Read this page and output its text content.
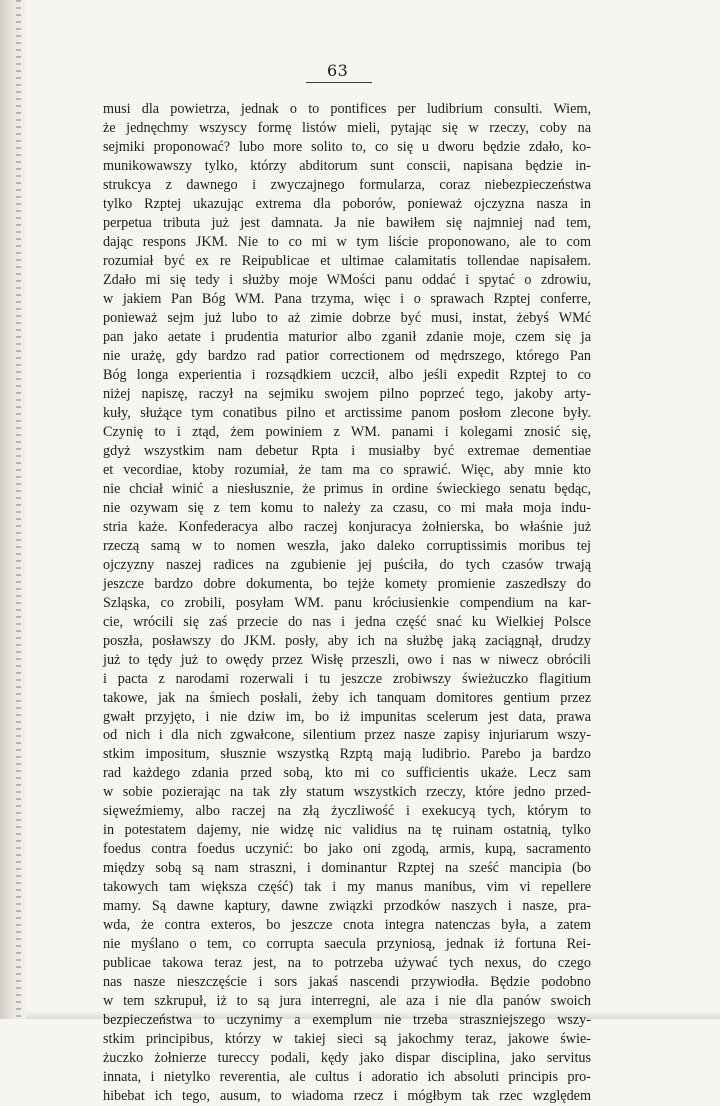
63
musi dla powietrza, jednak o to pontifices per ludibrium consulti. Wiem,
że jednęchmy wszyscy formę listów mieli, pytając się w rzeczy, coby na
sejmiki proponować? lubo more solito to, co się u dworu będzie zdało, ko-
munikowawszy tylko, którzy abditorum sunt conscii, napisana będzie in-
strukcya z dawnego i zwyczajnego formularza, coraz niebezpieczeństwa
tylko Rzptej ukazując extrema dla poborów, ponieważ ojczyzna nasza in
perpetua tributa już jest damnata. Ja nie bawiłem się najmniej nad tem,
dając respons JKM. Nie to co mi w tym liście proponowano, ale to com
rozumiał być ex re Reipublicae et ultimae calamitatis tollendae napisałem.
Zdało mi się tedy i służby moje WMości panu oddać i spytać o zdrowiu,
w jakiem Pan Bóg WM. Pana trzyma, więc i o sprawach Rzptej conferre,
ponieważ sejm już lubo to aż zimie dobrze być musi, instat, żebyś WMć
pan jako aetate i prudentia maturior albo zganił zdanie moje, czem się ja
nie urażę, gdy bardzo rad patior correctionem od mędrszego, którego Pan
Bóg longa experientia i rozsądkiem uczcił, albo jeśli expedit Rzptej to co
niżej napiszę, raczył na sejmiku swojem pilno poprzeć tego, jakoby arty-
kuły, służące tym conatibus pilno et arctissime panom posłom zlecone były.
Czynię to i ztąd, żem powiniem z WM. panami i kolegami znosić się,
gdyż wszystkim nam debetur Rpta i musiałby być extremae dementiae
et vecordiae, ktoby rozumiał, że tam ma co sprawić. Więc, aby mnie kto
nie chciał winić a niesłusznie, że primus in ordine świeckiego senatu będąc,
nie ozywam się z tem komu to należy za czasu, co mi mała moja indu-
stria każe. Konfederacya albo raczej konjuracya żołnierska, bo właśnie już
rzeczą samą w to nomen weszła, jako daleko corruptissimis moribus tej
ojczyzny naszej radices na zgubienie jej puściła, do tych czasów trwają
jeszcze bardzo dobre dokumenta, bo tejże komety promienie zaszedłszy do
Szląska, co zrobili, posyłam WM. panu króciusienkie compendium na kar-
cie, wrócili się zaś przecie do nas i jedna część snać ku Wielkiej Polsce
poszła, posławszy do JKM. posły, aby ich na służbę jaką zaciągnął, drudzy
już to tędy już to owędy przez Wisłę przeszli, owo i nas w niwecz obrócili
i pacta z narodami rozerwali i tu jeszcze zrobiwszy świeżuczko flagitium
takowe, jak na śmiech posłali, żeby ich tanquam domitores gentium przez
gwałt przyjęto, i nie dziw im, bo iż impunitas scelerum jest data, prawa
od nich i dla nich zgwałcone, silentium przez nasze zapisy injuriarum wszy-
stkim impositum, słusznie wszystką Rzptą mają ludibrio. Parebo ja bardzo
rad każdego zdania przed sobą, kto mi co sufficientis ukaże. Lecz sam
w sobie pozierając na tak zły statum wszystkich rzeczy, które jedno przed-
sięweźmiemy, albo raczej na złą życzliwość i exekucyą tych, którym to
in potestatem dajemy, nie widzę nic validius na tę ruinam ostatnią, tylko
foedus contra foedus uczynić: bo jako oni zgodą, armis, kupą, sacramento
między sobą są nam straszni, i dominantur Rzptej na sześć mancipia (bo
takowych tam większa część) tak i my manus manibus, vim vi repellere
mamy. Są dawne kaptury, dawne związki przodków naszych i nasze, pra-
wda, że contra exteros, bo jeszcze cnota integra natenczas była, a zatem
nie myślano o tem, co corrupta saecula przyniosą, jednak iż fortuna Rei-
publicae takowa teraz jest, na to potrzeba używać tych nexus, do czego
nas nasze nieszczęście i sors jakaś nascendi przywiodła. Będzie podobno
w tem szkrupuł, iż to są jura interregni, ale aza i nie dla panów swoich
bezpieczeństwa to uczynimy a exemplum nie trzeba straszniejszego wszy-
stkim principibus, którzy w takiej sieci są jakochmy teraz, jakowe świe-
żuczko żołnierze tureccy podali, kędy jako dispar disciplina, jako servitus
innata, i nietylko reverentia, ale cultus i adoratio ich absoluti principis pro-
hibebat ich tego, ausum, to wiadoma rzecz i mógłbym tak rzec względem
